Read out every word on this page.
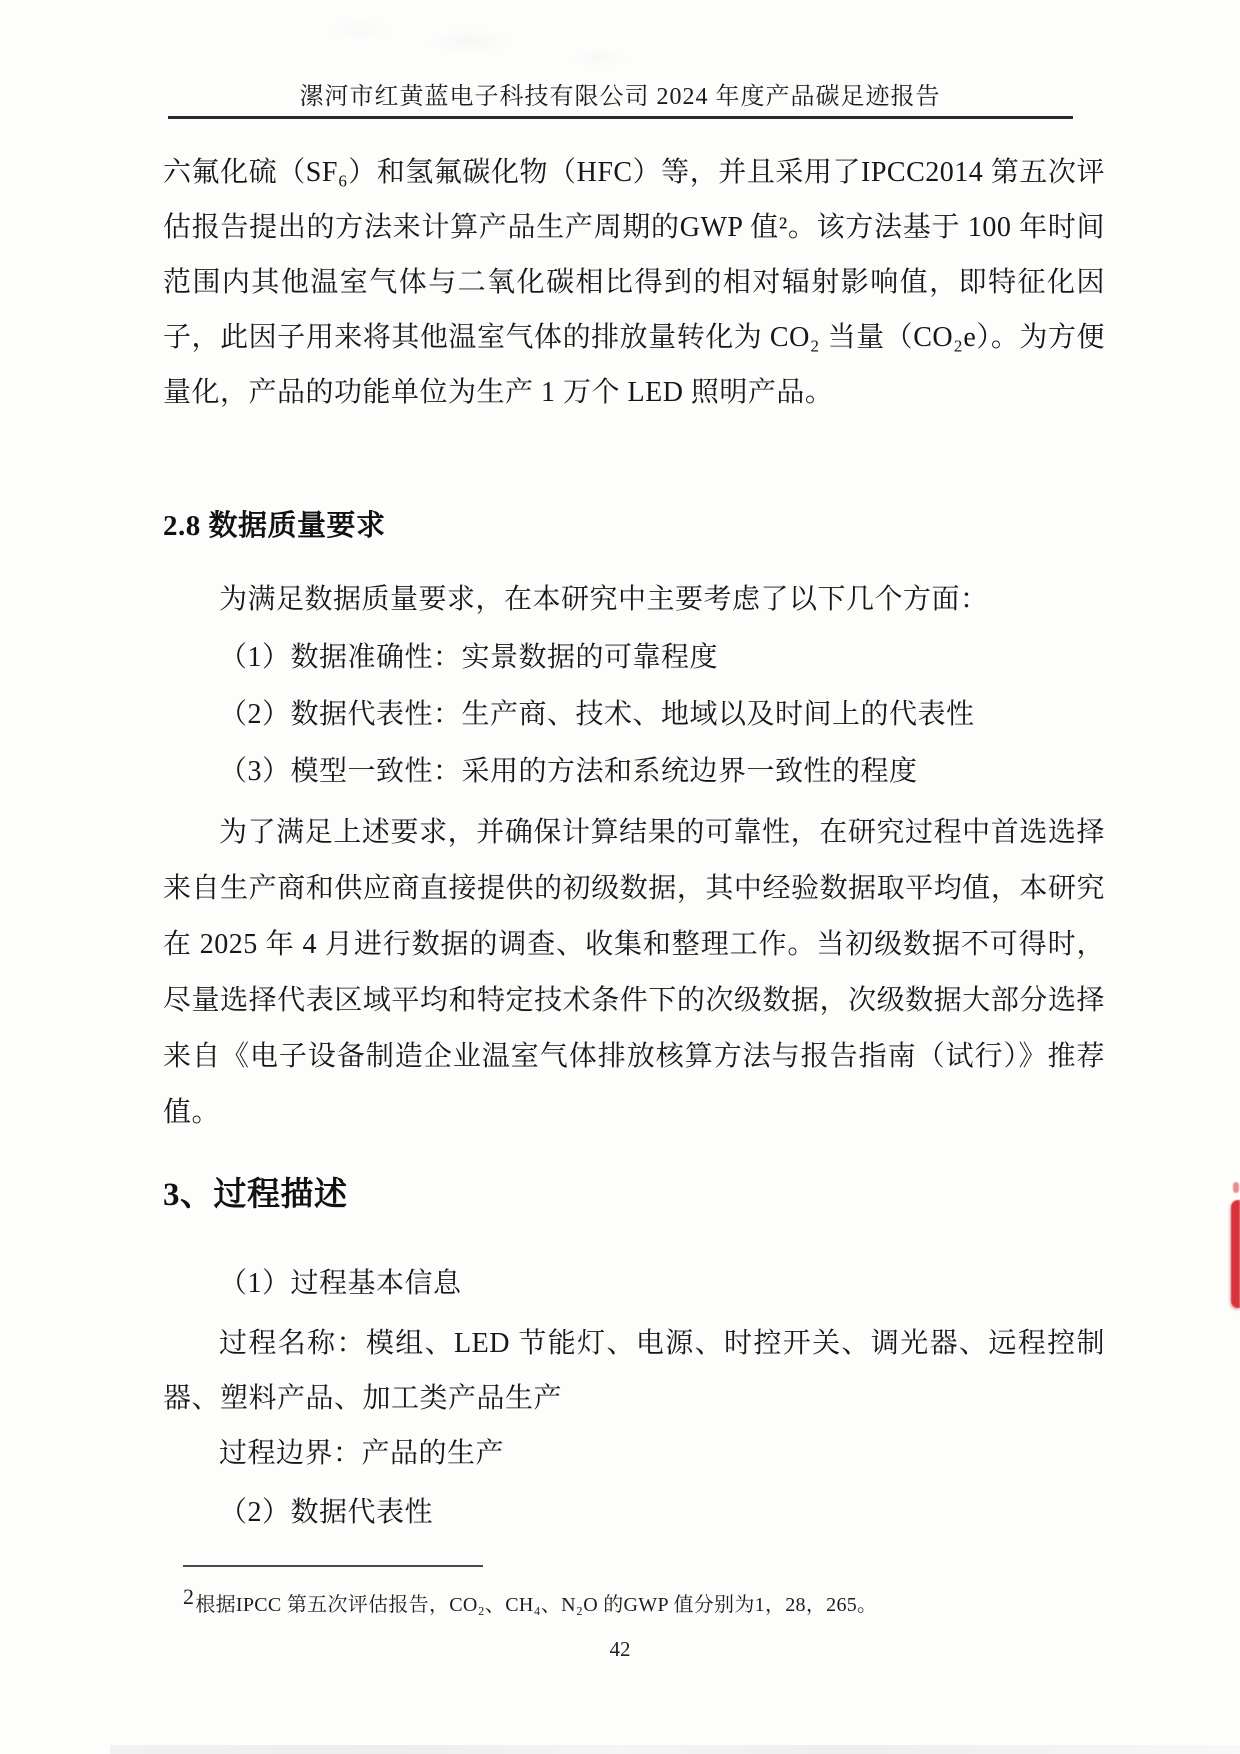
漯河市红黄蓝电子科技有限公司 2024 年度产品碳足迹报告
六氟化硫（SF₆）和氢氟碳化物（HFC）等，并且采用了IPCC2014 第五次评估报告提出的方法来计算产品生产周期的GWP 值²。该方法基于 100 年时间范围内其他温室气体与二氧化碳相比得到的相对辐射影响值，即特征化因子，此因子用来将其他温室气体的排放量转化为 CO₂ 当量（CO₂e）。为方便量化，产品的功能单位为生产 1 万个 LED 照明产品。
2.8 数据质量要求
为满足数据质量要求，在本研究中主要考虑了以下几个方面：
（1）数据准确性：实景数据的可靠程度
（2）数据代表性：生产商、技术、地域以及时间上的代表性
（3）模型一致性：采用的方法和系统边界一致性的程度
为了满足上述要求，并确保计算结果的可靠性，在研究过程中首选选择来自生产商和供应商直接提供的初级数据，其中经验数据取平均值，本研究在 2025 年 4 月进行数据的调查、收集和整理工作。当初级数据不可得时，尽量选择代表区域平均和特定技术条件下的次级数据，次级数据大部分选择来自《电子设备制造企业温室气体排放核算方法与报告指南（试行）》推荐值。
3、过程描述
（1）过程基本信息
过程名称：模组、LED 节能灯、电源、时控开关、调光器、远程控制器、塑料产品、加工类产品生产
过程边界：产品的生产
（2）数据代表性
2根据IPCC 第五次评估报告，CO₂、CH₄、N₂O 的GWP 值分别为1，28，265。
42
